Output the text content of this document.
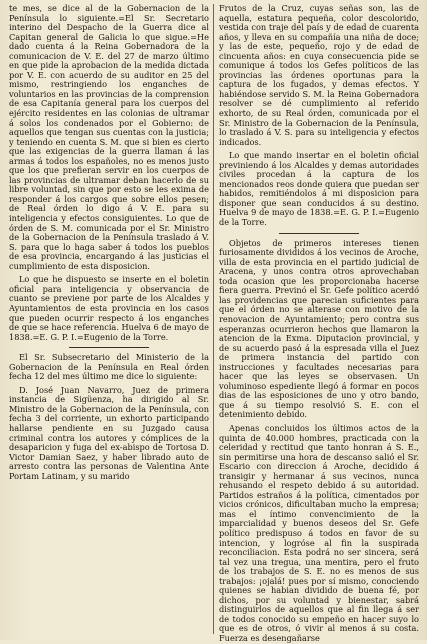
te mes, se dice al de la Gobernacion de la Península lo siguiente.=El Sr. Secretario interino del Despacho de la Guerra dice al Capitan general de Galicia lo que sigue.=He dado cuenta á la Reina Gobernadora de la comunicacion de V. E. del 27 de marzo último en que pide la aprobacion de la medida dictada por V. E. con acuerdo de su auditor en 25 del mismo, restringiendo los enganches de voluntarios en las provincias de la comprension de esa Capitanía general para los cuerpos del ejército residentes en las colonias de ultramar á solos los condenados por el Gobierno: de aquellos que tengan sus cuentas con la justicia; y teniendo en cuenta S. M. que si bien es cierto que las exigencias de la guerra llaman á las armas á todos los españoles, no es menos justo que los que prefieran servir en los cuerpos de las provincias de ultramar deban hacerlo de su libre voluntad, sin que por esto se les exima de responder á los cargos que sobre ellos pesen; de Real órden lo digo á V. E. para su inteligencia y efectos consiguientes. Lo que de órden de S. M. comunicada por el Sr. Ministro de la Gobernacion de la Península traslado á V. S. para que lo haga saber á todos los pueblos de esa provincia, encargando á las justicias el cumplimiento de esta disposicion.

Lo que he dispuesto se inserte en el boletin oficial para inteligencia y observancia de cuanto se previene por parte de los Alcaldes y Ayuntamientos de esta provincia en los casos que pueden ocurrir respecto á los enganches de que se hace referencia. Huelva 6 de mayo de 1838.=E. G. P. I.=Eugenio de la Torre.

El Sr. Subsecretario del Ministerio de la Gobernacion de la Península en Real órden fecha 12 del mes último me dice lo siguiente:

D. José Juan Navarro, Juez de primera instancia de Sigüenza, ha dirigido al Sr. Ministro de la Gobernacion de la Península, con fecha 3 del corriente, un exhorto participando hallarse pendiente en su Juzgado causa criminal contra los autores y cómplices de la desaparicion y fuga del ex-abispo de Tortosa D. Victor Damian Saez, y haber librado auto de arresto contra las personas de Valentina Ante Portam Latinam, y su marido

Frutos de la Cruz, cuyas señas son, las de aquella, estatura pequeña, color descolorido, vestida con traje del país y de edad de cuarenta años, y lleva en su compañía una niña de doce; y las de este, pequeño, rojo y de edad de cincuenta años: en cuya consecuencia pide se comunique á todos los Gefes políticos de las provincias las órdenes oportunas para la captura de los fugados, y demas efectos. Y habiéndose servido S. M. la Reina Gobernadora resolver se dé cumplimiento al referido exhorto, de su Real órden, comunicada por el Sr. Ministro de la Gobernacion de la Península, lo traslado á V. S. para su inteligencia y efectos indicados.

Lo que mando insertar en el boletin oficial previniendo á los Alcaldes y demas autoridades civiles procedan á la captura de los mencionados reos donde quiera que puedan ser habidos, remitiéndolos á mi disposicion para disponer que sean conducidos á su destino. Huelva 9 de mayo de 1838.=E. G. P. I.=Eugenio de la Torre.

Objetos de primeros intereses tienen furiosamente divididos á los vecinos de Aroche, villa de esta provincia en el partido judicial de Aracena, y unos contra otros aprovechaban toda ocasion que les proporcionaba hacerse fiera guerra. Previnó el Sr. Gefe político acerdó las providencias que parecian suficientes para que el órden no se alterase con motivo de la renovacion de Ayuntamiento; pero contra sus esperanzas ocurrieron hechos que llamaron la atencion de la Exma. Diputacion provincial, y de su acuerdo pasó á la espresada villa el Juez de primera instancia del partido con instrucciones y facultades necesarias para hacer que las leyes se observasen. Un voluminoso espediente llegó á formar en pocos dias de las esposiciones de uno y otro bando, que á su tiempo resolvió S. E. con el detenimiento debido.

Apenas concluidos los últimos actos de la quinta de 40.000 hombres, practicada con la celeridad y rectitud que tanto honran á S. E., sin permitirse una hora de descanso salió el Sr. Escario con direccion á Aroche, decidido á transigir y hermanar á sus vecinos, nunca rehusando el respeto debido á su autoridad. Partidos estraños á la política, cimentados por vicios crónicos, dificultaban mucho la empresa; mas el íntimo convencimiento de la imparcialidad y buenos deseos del Sr. Gefe político predispuso á todos en favor de su intencion, y logróse al fin la suspirada reconciliacion. Esta podrá no ser sincera, será tal vez una tregua, una mentira, pero el fruto de los trabajos de S. E. no es menos de sus trabajos: ¡ojalá! pues por sí mismo, conociendo quienes se habian dividido de buena fé, por dichos, por su voluntad y bienestar, sabrá distinguirlos de aquellos que al fin llega á ser de todos conocido su empeño en hacer suyo lo que es de otros, ó vivir al menos á su costa. Fuerza es desengañarse
